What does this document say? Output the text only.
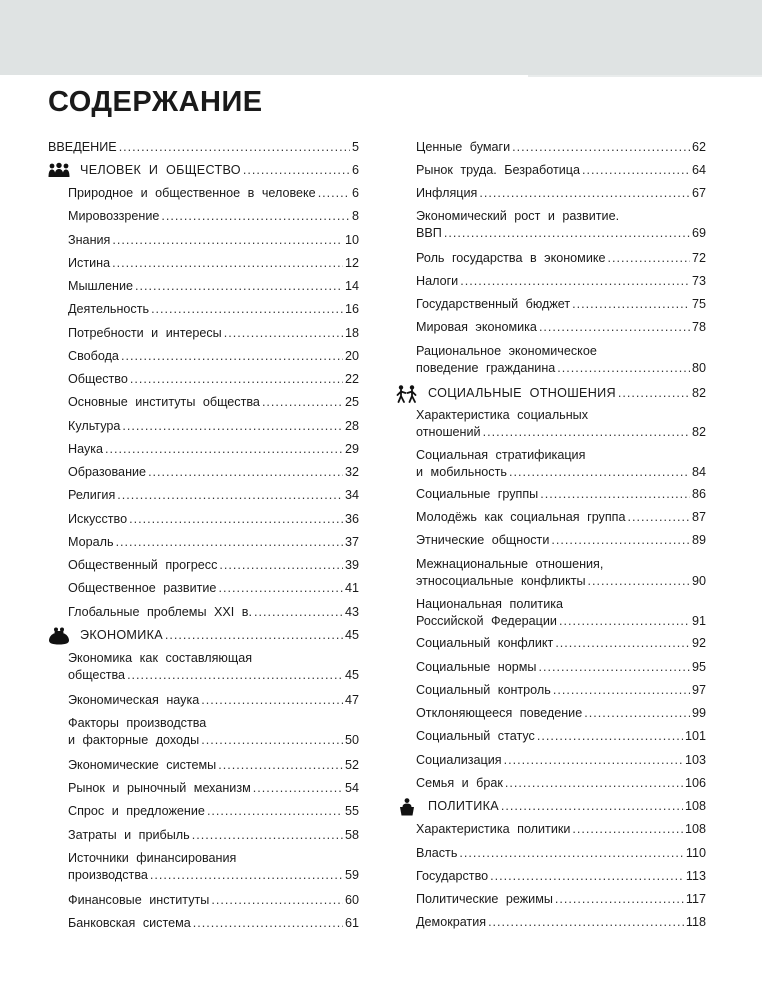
СОДЕРЖАНИЕ
ВВЕДЕНИЕ .....	5
ЧЕЛОВЕК И ОБЩЕСТВО .....	6
Природное и общественное в человеке .....	6
Мировоззрение .....	8
Знания .....	10
Истина .....	12
Мышление .....	14
Деятельность .....	16
Потребности и интересы .....	18
Свобода .....	20
Общество .....	22
Основные институты общества .....	25
Культура .....	28
Наука .....	29
Образование .....	32
Религия .....	34
Искусство .....	36
Мораль .....	37
Общественный прогресс .....	39
Общественное развитие .....	41
Глобальные проблемы XXI в. .....	43
ЭКОНОМИКА .....	45
Экономика как составляющая
общества .....	45
Экономическая наука .....	47
Факторы производства
и факторные доходы .....	50
Экономические системы .....	52
Рынок и рыночный механизм .....	54
Спрос и предложение .....	55
Затраты и прибыль .....	58
Источники финансирования
производства .....	59
Финансовые институты .....	60
Банковская система .....	61
Ценные бумаги .....	62
Рынок труда. Безработица .....	64
Инфляция .....	67
Экономический рост и развитие.
ВВП .....	69
Роль государства в экономике .....	72
Налоги .....	73
Государственный бюджет .....	75
Мировая экономика .....	78
Рациональное экономическое
поведение гражданина .....	80
СОЦИАЛЬНЫЕ ОТНОШЕНИЯ .....	82
Характеристика социальных
отношений .....	82
Социальная стратификация
и мобильность .....	84
Социальные группы .....	86
Молодёжь как социальная группа .....	87
Этнические общности .....	89
Межнациональные отношения,
этносоциальные конфликты .....	90
Национальная политика
Российской Федерации .....	91
Социальный конфликт .....	92
Социальные нормы .....	95
Социальный контроль .....	97
Отклоняющееся поведение .....	99
Социальный статус .....	101
Социализация .....	103
Семья и брак .....	106
ПОЛИТИКА .....	108
Характеристика политики .....	108
Власть .....	110
Государство .....	113
Политические режимы .....	117
Демократия .....	118
